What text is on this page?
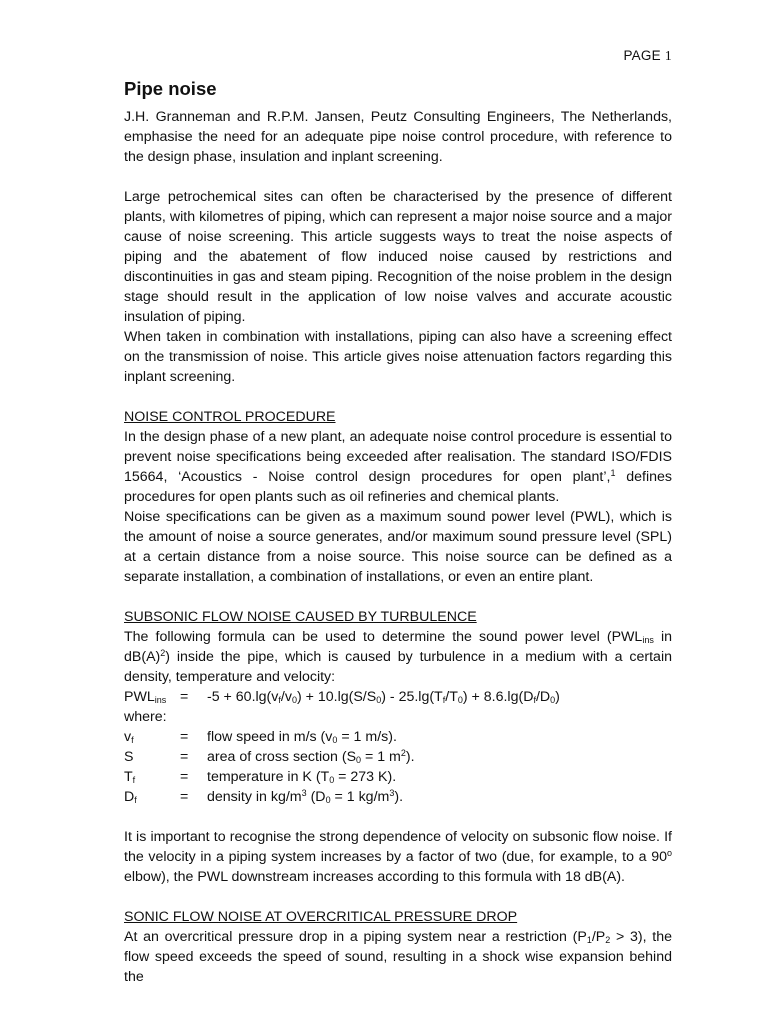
PAGE 1
Pipe noise

J.H. Granneman and R.P.M. Jansen, Peutz Consulting Engineers, The Netherlands, emphasise the need for an adequate pipe noise control procedure, with reference to the design phase, insulation and inplant screening.

Large petrochemical sites can often be characterised by the presence of different plants, with kilometres of piping, which can represent a major noise source and a major cause of noise screening. This article suggests ways to treat the noise aspects of piping and the abatement of flow induced noise caused by restrictions and discontinuities in gas and steam piping. Recognition of the noise problem in the design stage should result in the application of low noise valves and accurate acoustic insulation of piping.

When taken in combination with installations, piping can also have a screening effect on the transmission of noise. This article gives noise attenuation factors regarding this inplant screening.

NOISE CONTROL PROCEDURE

In the design phase of a new plant, an adequate noise control procedure is essential to prevent noise specifications being exceeded after realisation. The standard ISO/FDIS 15664, ‘Acoustics - Noise control design procedures for open plant’,$^1$ defines procedures for open plants such as oil refineries and chemical plants.

Noise specifications can be given as a maximum sound power level (PWL), which is the amount of noise a source generates, and/or maximum sound pressure level (SPL) at a certain distance from a noise source. This noise source can be defined as a separate installation, a combination of installations, or even an entire plant.

SUBSONIC FLOW NOISE CAUSED BY TURBULENCE

The following formula can be used to determine the sound power level ($PWL_{ins}$ in $dB(A)^2$) inside the pipe, which is caused by turbulence in a medium with a certain density, temperature and velocity:

$PWL_{ins}$ =	$-5 + 60.\lg(v_f/v_0) + 10.\lg(S/S_0) - 25.\lg(T_f/T_0) + 8.6.\lg(D_f/D_0)$

where:

$v_f$	=	flow speed in m/s ($v_0 = 1$ m/s).
S	=	area of cross section ($S_0 = 1$ $m^2$).
$T_f$	=	temperature in K ($T_0 = 273$ K).
$D_f$	=	density in $kg/m^3$ ($D_0 = 1$ $kg/m^3$).

It is important to recognise the strong dependence of velocity on subsonic flow noise. If the velocity in a piping system increases by a factor of two (due, for example, to a 90$^o$ elbow), the PWL downstream increases according to this formula with 18 dB(A).

SONIC FLOW NOISE AT OVERCRITICAL PRESSURE DROP

At an overcritical pressure drop in a piping system near a restriction $(P_1/P_2 > 3)$, the flow speed exceeds the speed of sound, resulting in a shock wise expansion behind the
